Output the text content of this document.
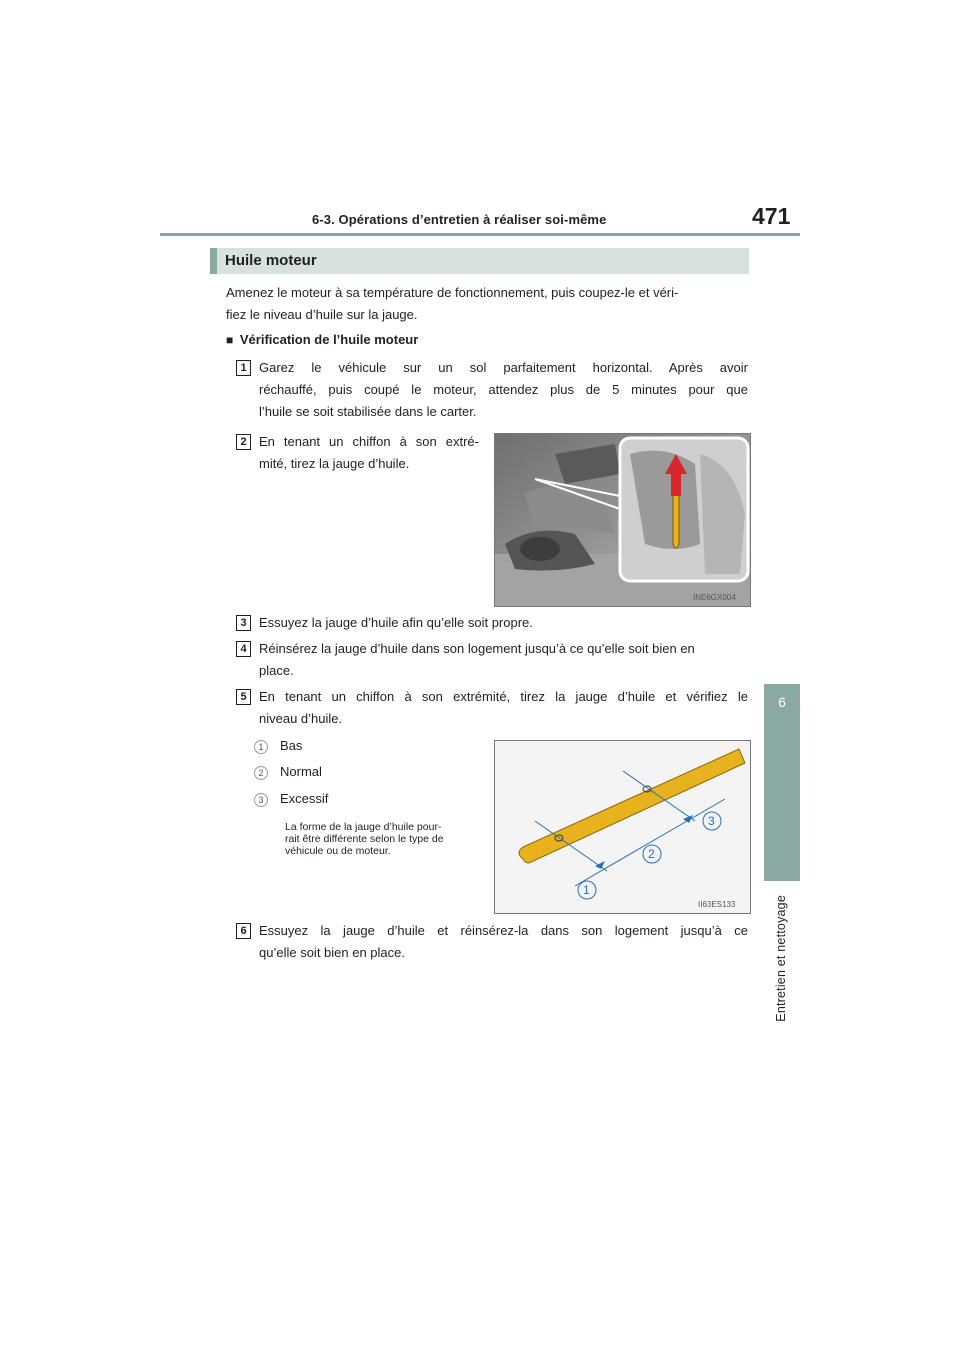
6-3. Opérations d’entretien à réaliser soi-même	471
6
Entretien et nettoyage
Huile moteur
Amenez le moteur à sa température de fonctionnement, puis coupez-le et véri-
fiez le niveau d’huile sur la jauge.
■ Vérification de l’huile moteur
1 Garez le véhicule sur un sol parfaitement horizontal. Après avoir
réchauffé, puis coupé le moteur, attendez plus de 5 minutes pour que
l’huile se soit stabilisée dans le carter.
2 En tenant un chiffon à son extré-
mité, tirez la jauge d’huile.
INE6GX004
3 Essuyez la jauge d’huile afin qu’elle soit propre.
4 Réinsérez la jauge d’huile dans son logement jusqu’à ce qu’elle soit bien en
place.
5 En tenant un chiffon à son extrémité, tirez la jauge d’huile et vérifiez le
niveau d’huile.
1	Bas
2	Normal
3	Excessif
La forme de la jauge d’huile pour-
rait être différente selon le type de
véhicule ou de moteur.
1
2
3
II63ES133
6 Essuyez la jauge d’huile et réinsérez-la dans son logement jusqu’à ce
qu’elle soit bien en place.
